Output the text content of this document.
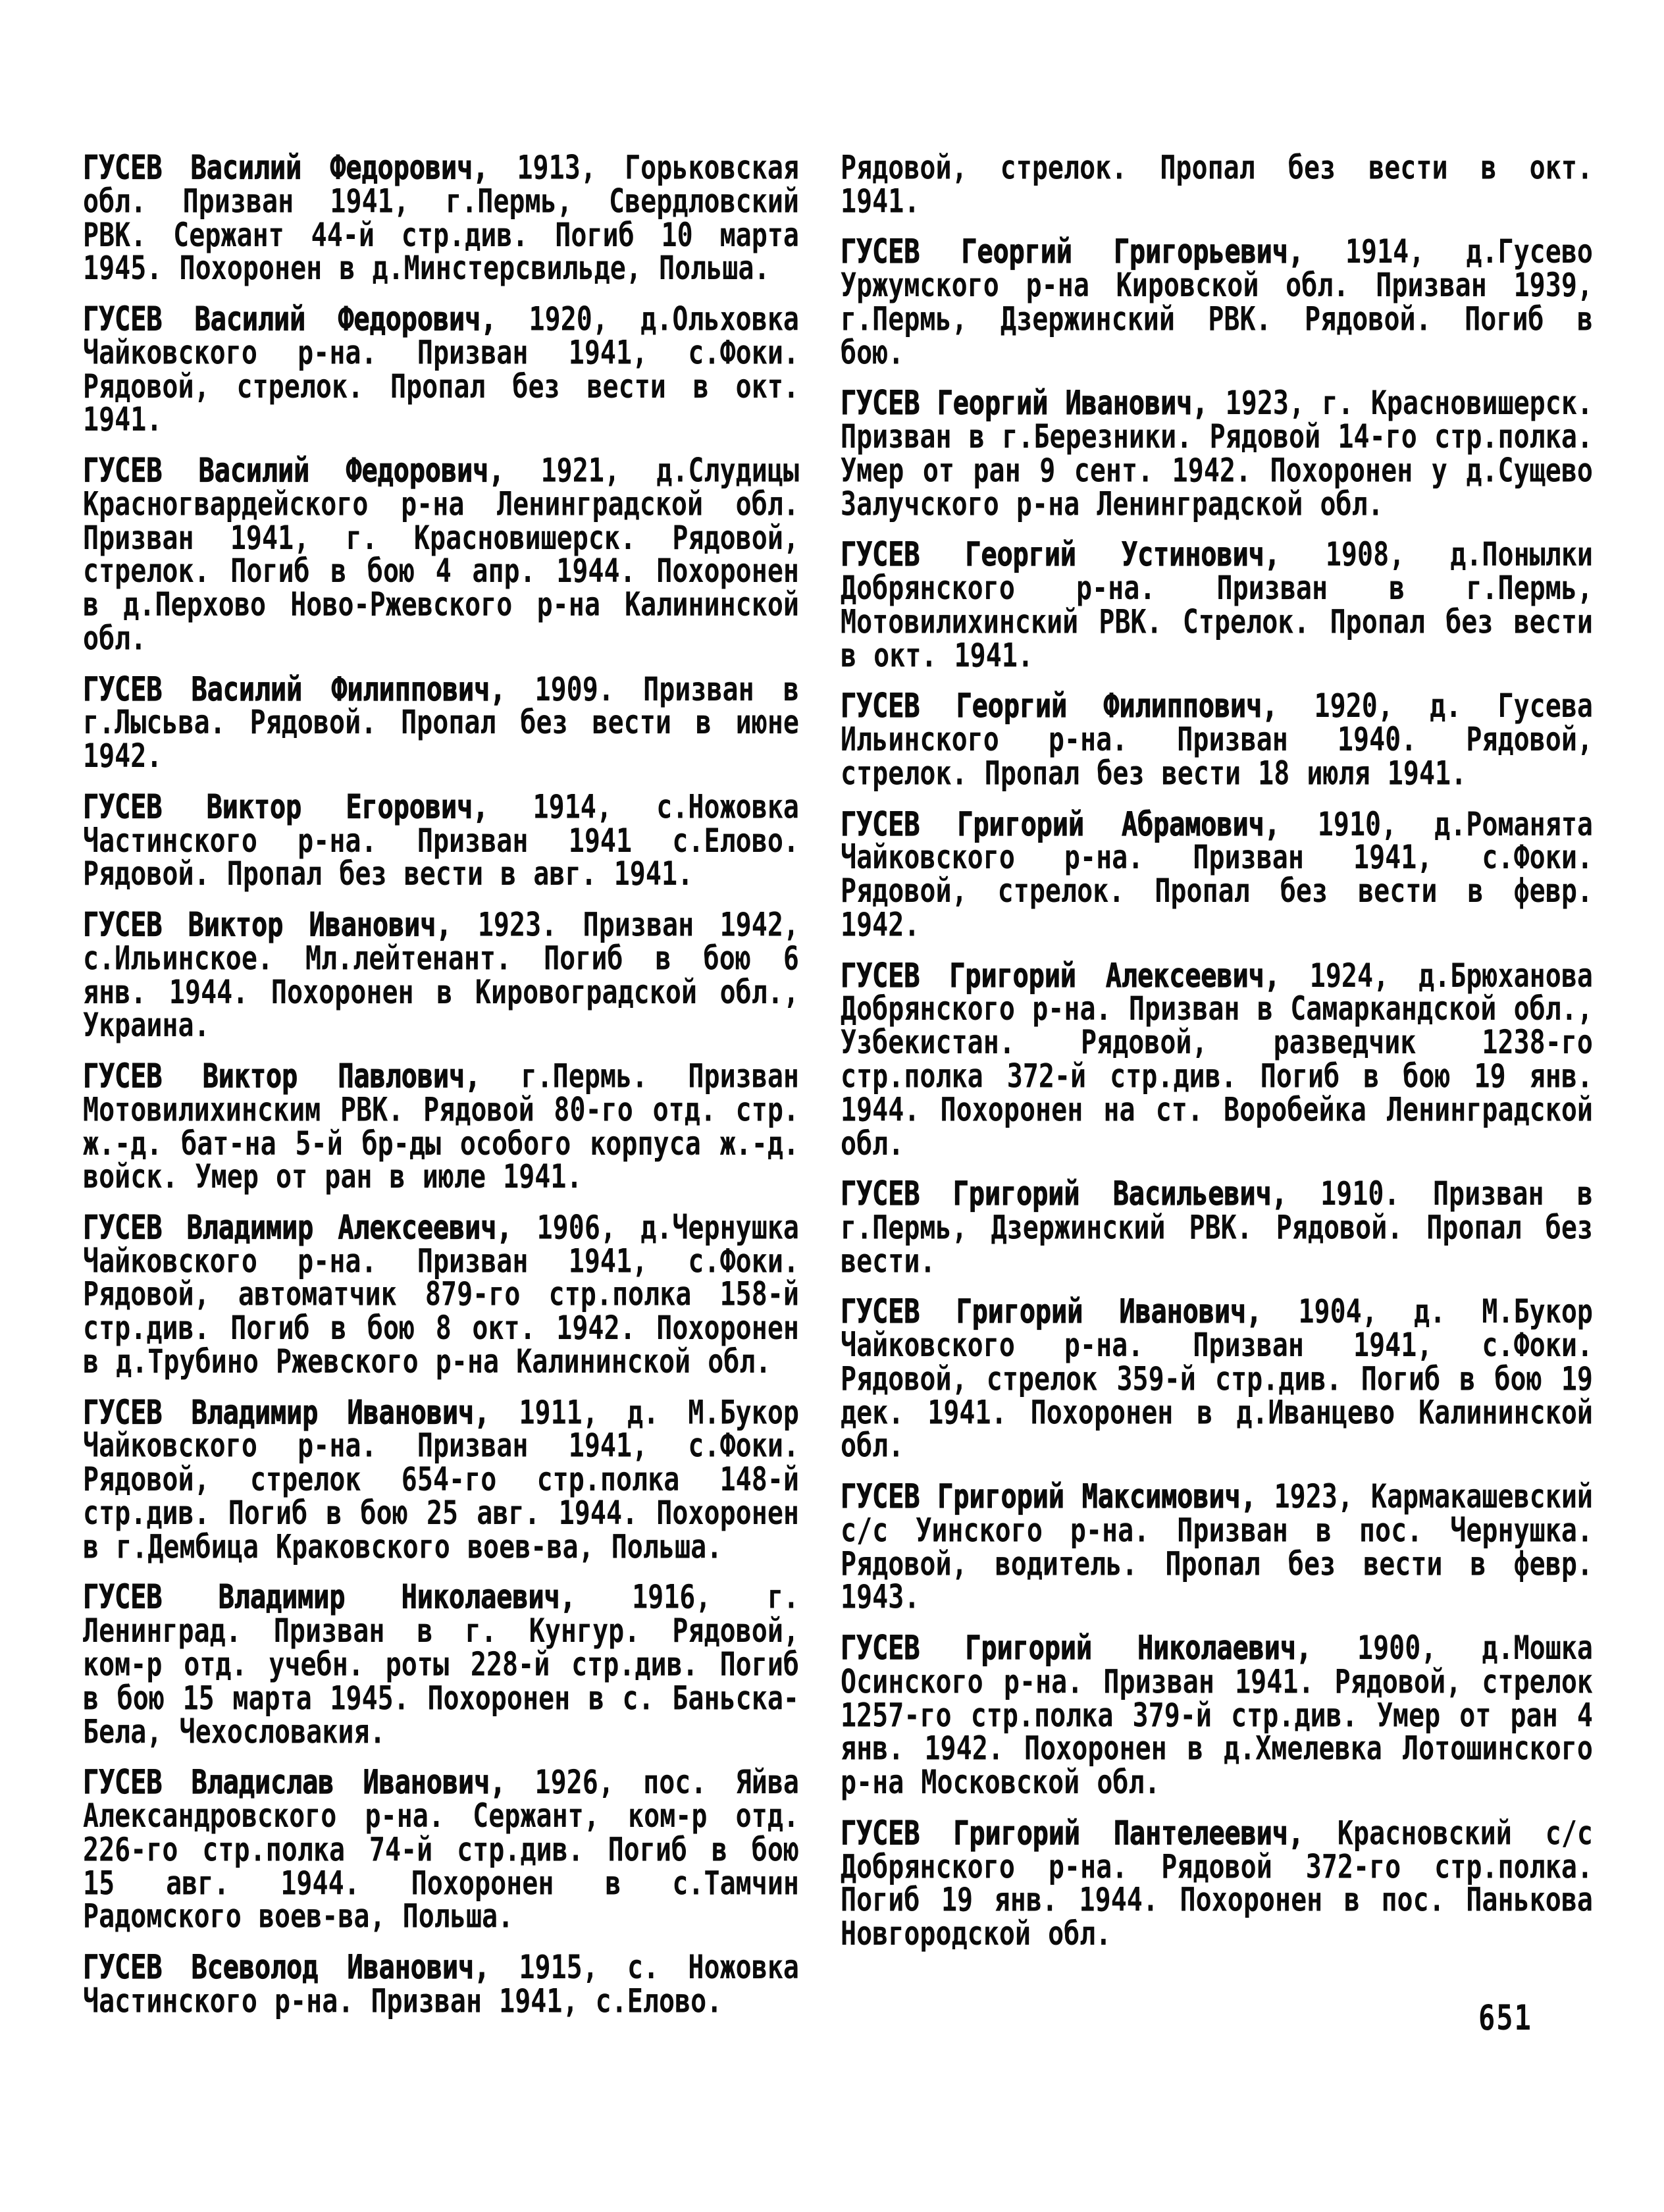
ГУСЕВ Василий Федорович, 1913, Горьковская обл. Призван 1941, г.Пермь, Свердловский РВК. Сержант 44-й стр.див. Погиб 10 марта 1945. Похоронен в д.Минстерсвильде, Польша.

ГУСЕВ Василий Федорович, 1920, д.Ольховка Чайковского р-на. Призван 1941, с.Фоки. Рядовой, стрелок. Пропал без вести в окт. 1941.

ГУСЕВ Василий Федорович, 1921, д.Слудицы Красногвардейского р-на Ленинградской обл. Призван 1941, г. Красновишерск. Рядовой, стрелок. Погиб в бою 4 апр. 1944. Похоронен в д.Перхово Ново-Ржевского р-на Калининской обл.

ГУСЕВ Василий Филиппович, 1909. Призван в г.Лысьва. Рядовой. Пропал без вести в июне 1942.

ГУСЕВ Виктор Егорович, 1914, с.Ножовка Частинского р-на. Призван 1941 с.Елово. Рядовой. Пропал без вести в авг. 1941.

ГУСЕВ Виктор Иванович, 1923. Призван 1942, с.Ильинское. Мл.лейтенант. Погиб в бою 6 янв. 1944. Похоронен в Кировоградской обл., Украина.

ГУСЕВ Виктор Павлович, г.Пермь. Призван Мотовилихинским РВК. Рядовой 80-го отд. стр. ж.-д. бат-на 5-й бр-ды особого корпуса ж.-д. войск. Умер от ран в июле 1941.

ГУСЕВ Владимир Алексеевич, 1906, д.Чернушка Чайковского р-на. Призван 1941, с.Фоки. Рядовой, автоматчик 879-го стр.полка 158-й стр.див. Погиб в бою 8 окт. 1942. Похоронен в д.Трубино Ржевского р-на Калининской обл.

ГУСЕВ Владимир Иванович, 1911, д. М.Букор Чайковского р-на. Призван 1941, с.Фоки. Рядовой, стрелок 654-го стр.полка 148-й стр.див. Погиб в бою 25 авг. 1944. Похоронен в г.Дембица Краковского воев-ва, Польша.

ГУСЕВ Владимир Николаевич, 1916, г. Ленинград. Призван в г. Кунгур. Рядовой, ком-р отд. учебн. роты 228-й стр.див. Погиб в бою 15 марта 1945. Похоронен в с. Баньска-Бела, Чехословакия.

ГУСЕВ Владислав Иванович, 1926, пос. Яйва Александровского р-на. Сержант, ком-р отд. 226-го стр.полка 74-й стр.див. Погиб в бою 15 авг. 1944. Похоронен в с.Тамчин Радомского воев-ва, Польша.

ГУСЕВ Всеволод Иванович, 1915, с. Ножовка Частинского р-на. Призван 1941, с.Елово.

Рядовой, стрелок. Пропал без вести в окт. 1941.

ГУСЕВ Георгий Григорьевич, 1914, д.Гусево Уржумского р-на Кировской обл. Призван 1939, г.Пермь, Дзержинский РВК. Рядовой. Погиб в бою.

ГУСЕВ Георгий Иванович, 1923, г. Красновишерск. Призван в г.Березники. Рядовой 14-го стр.полка. Умер от ран 9 сент. 1942. Похоронен у д.Сущево Залучского р-на Ленинградской обл.

ГУСЕВ Георгий Устинович, 1908, д.Понылки Добрянского р-на. Призван в г.Пермь, Мотовилихинский РВК. Стрелок. Пропал без вести в окт. 1941.

ГУСЕВ Георгий Филиппович, 1920, д. Гусева Ильинского р-на. Призван 1940. Рядовой, стрелок. Пропал без вести 18 июля 1941.

ГУСЕВ Григорий Абрамович, 1910, д.Романята Чайковского р-на. Призван 1941, с.Фоки. Рядовой, стрелок. Пропал без вести в февр. 1942.

ГУСЕВ Григорий Алексеевич, 1924, д.Брюханова Добрянского р-на. Призван в Самаркандской обл., Узбекистан. Рядовой, разведчик 1238-го стр.полка 372-й стр.див. Погиб в бою 19 янв. 1944. Похоронен на ст. Воробейка Ленинградской обл.

ГУСЕВ Григорий Васильевич, 1910. Призван в г.Пермь, Дзержинский РВК. Рядовой. Пропал без вести.

ГУСЕВ Григорий Иванович, 1904, д. М.Букор Чайковского р-на. Призван 1941, с.Фоки. Рядовой, стрелок 359-й стр.див. Погиб в бою 19 дек. 1941. Похоронен в д.Иванцево Калининской обл.

ГУСЕВ Григорий Максимович, 1923, Кармакашевский с/с Уинского р-на. Призван в пос. Чернушка. Рядовой, водитель. Пропал без вести в февр. 1943.

ГУСЕВ Григорий Николаевич, 1900, д.Мошка Осинского р-на. Призван 1941. Рядовой, стрелок 1257-го стр.полка 379-й стр.див. Умер от ран 4 янв. 1942. Похоронен в д.Хмелевка Лотошинского р-на Московской обл.

ГУСЕВ Григорий Пантелеевич, Красновский с/с Добрянского р-на. Рядовой 372-го стр.полка. Погиб 19 янв. 1944. Похоронен в пос. Панькова Новгородской обл.

651
